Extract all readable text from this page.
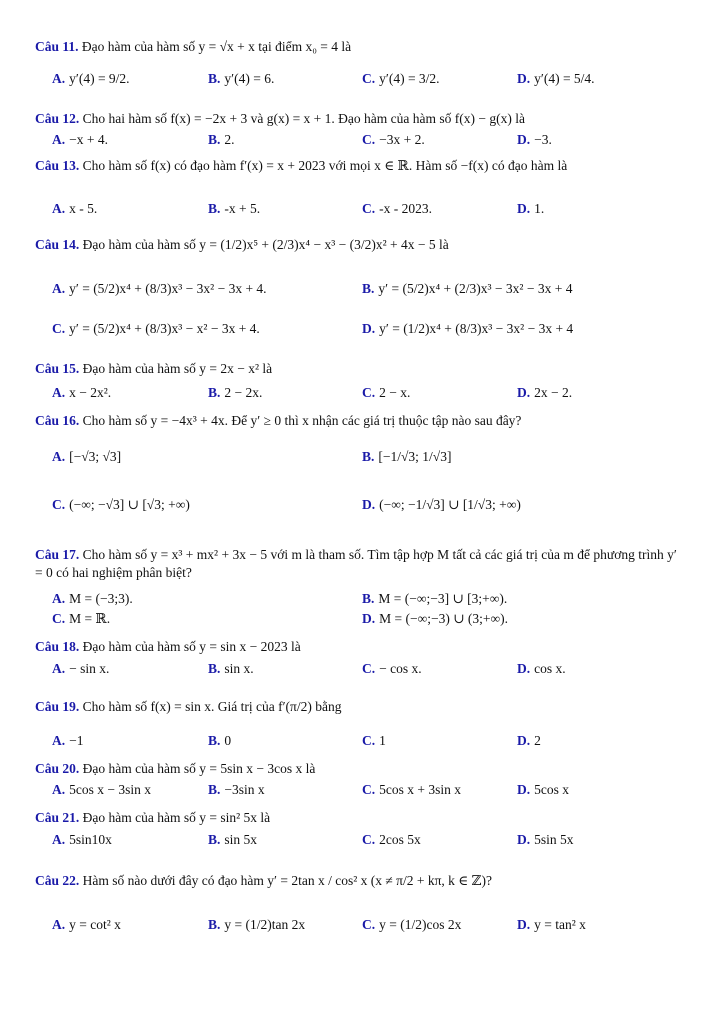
Câu 11. Đạo hàm của hàm số y = √x + x tại điểm x₀ = 4 là
A. y′(4) = 9/2.	B. y′(4) = 6.	C. y′(4) = 3/2.	D. y′(4) = 5/4.
Câu 12. Cho hai hàm số f(x) = −2x + 3 và g(x) = x + 1. Đạo hàm của hàm số f(x) − g(x) là
A. −x + 4.	B. 2.	C. −3x + 2.	D. −3.
Câu 13. Cho hàm số f(x) có đạo hàm f′(x) = x + 2023 với mọi x ∈ ℝ. Hàm số −f(x) có đạo hàm là
A. x - 5.	B. -x + 5.	C. -x - 2023.	D. 1.
Câu 14. Đạo hàm của hàm số y = (1/2)x⁵ + (2/3)x⁴ − x³ − (3/2)x² + 4x − 5 là
A. y′ = (5/2)x⁴ + (8/3)x³ − 3x² − 3x + 4.	B. y′ = (5/2)x⁴ + (2/3)x³ − 3x² − 3x + 4
C. y′ = (5/2)x⁴ + (8/3)x³ − x² − 3x + 4.	D. y′ = (1/2)x⁴ + (8/3)x³ − 3x² − 3x + 4
Câu 15. Đạo hàm của hàm số y = 2x − x² là
A. x − 2x².	B. 2 − 2x.	C. 2 − x.	D. 2x − 2.
Câu 16. Cho hàm số y = −4x³ + 4x. Để y′ ≥ 0 thì x nhận các giá trị thuộc tập nào sau đây?
A. [−√3; √3]	B. [−1/√3; 1/√3]
C. (−∞; −√3] ∪ [√3; +∞)	D. (−∞; −1/√3] ∪ [1/√3; +∞)
Câu 17. Cho hàm số y = x³ + mx² + 3x − 5 với m là tham số. Tìm tập hợp M tất cả các giá trị của m để phương trình y′ = 0 có hai nghiệm phân biệt?
A. M = (−3;3).	B. M = (−∞;−3] ∪ [3;+∞).
C. M = ℝ.	D. M = (−∞;−3) ∪ (3;+∞).
Câu 18. Đạo hàm của hàm số y = sin x − 2023 là
A. − sin x.	B. sin x.	C. − cos x.	D. cos x.
Câu 19. Cho hàm số f(x) = sin x. Giá trị của f′(π/2) bằng
A. −1	B. 0	C. 1	D. 2
Câu 20. Đạo hàm của hàm số y = 5sin x − 3cos x là
A. 5cos x − 3sin x	B. −3sin x	C. 5cos x + 3sin x	D. 5cos x
Câu 21. Đạo hàm của hàm số y = sin² 5x là
A. 5sin10x	B. sin 5x	C. 2cos 5x	D. 5sin 5x
Câu 22. Hàm số nào dưới đây có đạo hàm y′ = 2tan x / cos² x (x ≠ π/2 + kπ, k ∈ ℤ)?
A. y = cot² x	B. y = (1/2)tan 2x	C. y = (1/2)cos 2x	D. y = tan² x
